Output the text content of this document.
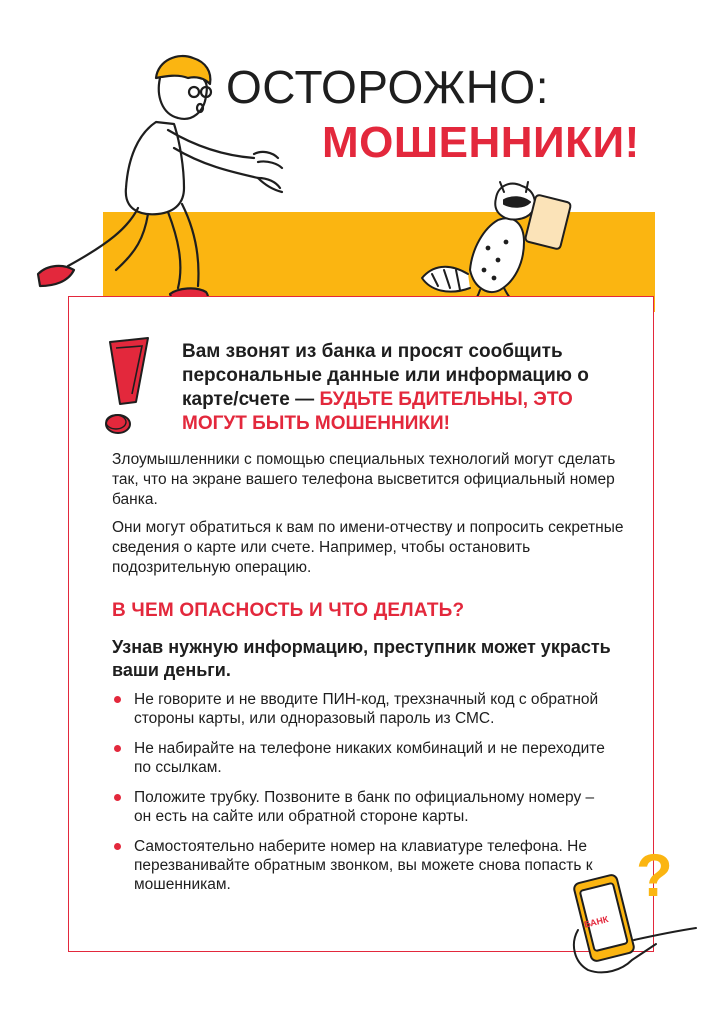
ОСТОРОЖНО:
МОШЕННИКИ!
Вам звонят из банка и просят сообщить персональные данные или информацию о карте/счете — БУДЬТЕ БДИТЕЛЬНЫ, ЭТО МОГУТ БЫТЬ МОШЕННИКИ!
Злоумышленники с помощью специальных технологий могут сделать так, что на экране вашего телефона высветится официальный номер банка.
Они могут обратиться к вам по имени-отчеству и попросить секретные сведения о карте или счете. Например, чтобы остановить подозрительную операцию.
В ЧЕМ ОПАСНОСТЬ И ЧТО ДЕЛАТЬ?
Узнав нужную информацию, преступник может украсть ваши деньги.
Не говорите и не вводите ПИН-код, трехзначный код с обратной стороны карты, или одноразовый пароль из СМС.
Не набирайте на телефоне никаких комбинаций и не переходите по ссылкам.
Положите трубку. Позвоните в банк по официальному номеру – он есть на сайте или обратной стороне карты.
Самостоятельно наберите номер на клавиатуре телефона. Не перезванивайте обратным звонком, вы можете снова попасть к мошенникам.	?
БАНК
